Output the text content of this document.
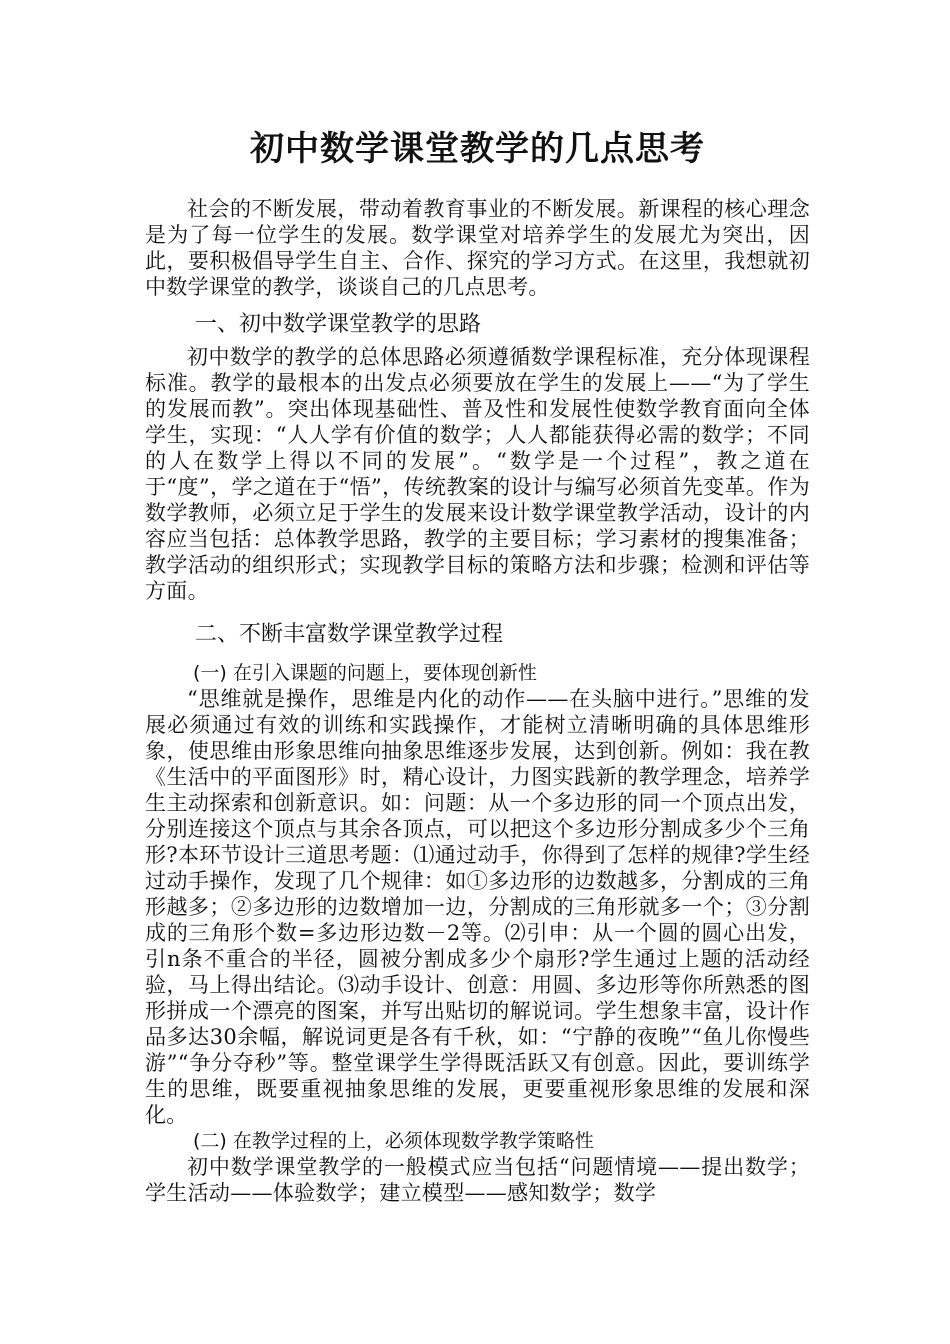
初中数学课堂教学的几点思考

社会的不断发展，带动着教育事业的不断发展。新课程的核心理念是为了每一位学生的发展。数学课堂对培养学生的发展尤为突出，因此，要积极倡导学生自主、合作、探究的学习方式。在这里，我想就初中数学课堂的教学，谈谈自己的几点思考。

一、初中数学课堂教学的思路

初中数学的教学的总体思路必须遵循数学课程标准，充分体现课程标准。教学的最根本的出发点必须要放在学生的发展上——“为了学生的发展而教”。突出体现基础性、普及性和发展性使数学教育面向全体学生，实现：“人人学有价值的数学；人人都能获得必需的数学；不同的人在数学上得以不同的发展”。“数学是一个过程”，教之道在于“度”，学之道在于“悟”，传统教案的设计与编写必须首先变革。作为数学教师，必须立足于学生的发展来设计数学课堂教学活动，设计的内容应当包括：总体教学思路，教学的主要目标；学习素材的搜集准备；教学活动的组织形式；实现教学目标的策略方法和步骤；检测和评估等方面。

二、不断丰富数学课堂教学过程
(一) 在引入课题的问题上，要体现创新性

“思维就是操作，思维是内化的动作——在头脑中进行。”思维的发展必须通过有效的训练和实践操作，才能树立清晰明确的具体思维形象，使思维由形象思维向抽象思维逐步发展，达到创新。例如：我在教《生活中的平面图形》时，精心设计，力图实践新的教学理念，培养学生主动探索和创新意识。如：问题：从一个多边形的同一个顶点出发，分别连接这个顶点与其余各顶点，可以把这个多边形分割成多少个三角形?本环节设计三道思考题：⑴通过动手，你得到了怎样的规律?学生经过动手操作，发现了几个规律：如①多边形的边数越多，分割成的三角形越多；②多边形的边数增加一边，分割成的三角形就多一个；③分割成的三角形个数=多边形边数－2等。⑵引申：从一个圆的圆心出发，引n条不重合的半径，圆被分割成多少个扇形?学生通过上题的活动经验，马上得出结论。⑶动手设计、创意：用圆、多边形等你所熟悉的图形拼成一个漂亮的图案，并写出贴切的解说词。学生想象丰富，设计作品多达30余幅，解说词更是各有千秋，如：“宁静的夜晚”“鱼儿你慢些游”“争分夺秒”等。整堂课学生学得既活跃又有创意。因此，要训练学生的思维，既要重视抽象思维的发展，更要重视形象思维的发展和深化。

(二) 在教学过程的上，必须体现数学教学策略性

初中数学课堂教学的一般模式应当包括“问题情境——提出数学；学生活动——体验数学；建立模型——感知数学；数学
